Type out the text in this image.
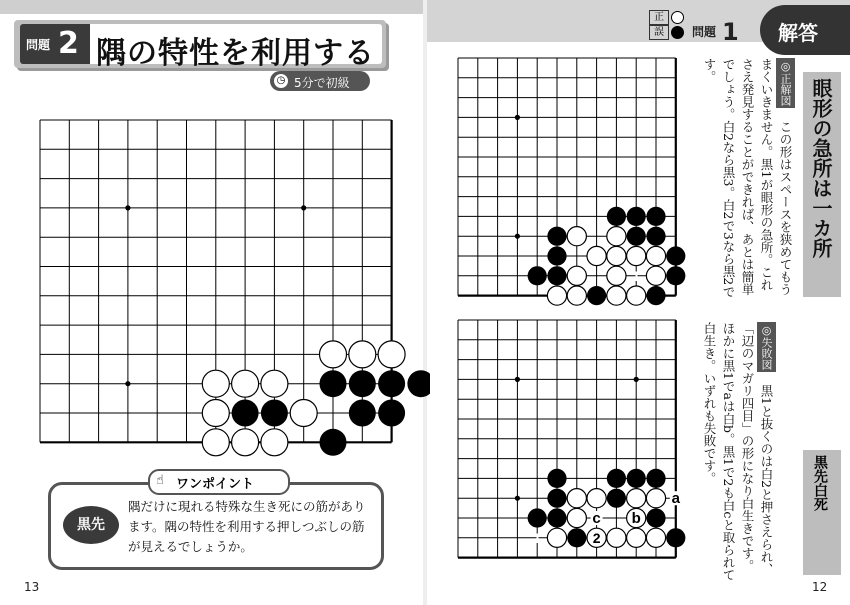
問題 2 隅の特性を利用する
◷ 5分で初級
3 1
2
1	2
a
b
c
☝ ワンポイント
黒先
隅だけに現れる特殊な生き死にの筋があります。隅の特性を利用する押しつぶしの筋が見えるでしょうか。
13
正
誤	問題 1 解答
眼形の急所は一カ所
黒先白死
◎正解図　この形はスペースを狭めてもうまくいきません。黒1が眼形の急所。これさえ発見することができれば、あとは簡単でしょう。白2なら黒3。白2で3なら黒2です。
◎失敗図　黒1と抜くのは白2と押さえられ、「辺のマガリ四目」の形になり白生きです。ほかに黒1でaは白b。黒1で2も白cと取られて白生き。いずれも失敗です。
12
